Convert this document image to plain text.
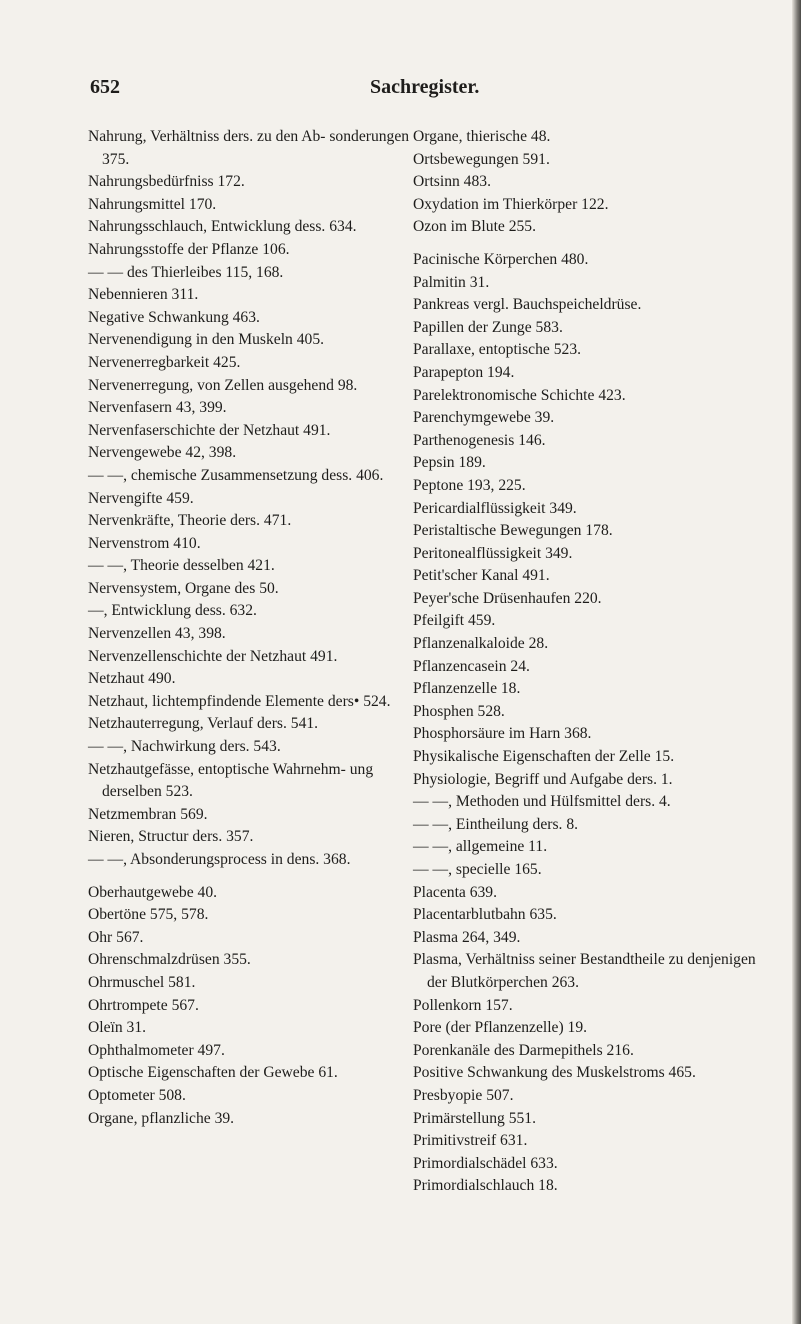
652	Sachregister.

Nahrung, Verhältniss ders. zu den Ab- sonderungen 375.

Nahrungsbedürfniss 172.

Nahrungsmittel 170.

Nahrungsschlauch, Entwicklung dess. 634.

Nahrungsstoffe der Pflanze 106.

— — des Thierleibes 115, 168.

Nebennieren 311.

Negative Schwankung 463.

Nervenendigung in den Muskeln 405.

Nervenerregbarkeit 425.

Nervenerregung, von Zellen ausgehend 98.

Nervenfasern 43, 399.

Nervenfaserschichte der Netzhaut 491.

Nervengewebe 42, 398.

— —, chemische Zusammensetzung dess. 406.

Nervengifte 459.

Nervenkräfte, Theorie ders. 471.

Nervenstrom 410.

— —, Theorie desselben 421.

Nervensystem, Organe des 50.

—, Entwicklung dess. 632.

Nervenzellen 43, 398.

Nervenzellenschichte der Netzhaut 491.

Netzhaut 490.

Netzhaut, lichtempfindende Elemente ders• 524.

Netzhauterregung, Verlauf ders. 541.

— —, Nachwirkung ders. 543.

Netzhautgefässe, entoptische Wahrnehm- ung derselben 523.

Netzmembran 569.

Nieren, Structur ders. 357.

— —, Absonderungsprocess in dens. 368.

Oberhautgewebe 40.

Obertöne 575, 578.

Ohr 567.

Ohrenschmalzdrüsen 355.

Ohrmuschel 581.

Ohrtrompete 567.

Oleïn 31.

Ophthalmometer 497.

Optische Eigenschaften der Gewebe 61.

Optometer 508.

Organe, pflanzliche 39.

Organe, thierische 48.

Ortsbewegungen 591.

Ortsinn 483.

Oxydation im Thierkörper 122.

Ozon im Blute 255.

Pacinische Körperchen 480.

Palmitin 31.

Pankreas vergl. Bauchspeicheldrüse.

Papillen der Zunge 583.

Parallaxe, entoptische 523.

Parapepton 194.

Parelektronomische Schichte 423.

Parenchymgewebe 39.

Parthenogenesis 146.

Pepsin 189.

Peptone 193, 225.

Pericardialflüssigkeit 349.

Peristaltische Bewegungen 178.

Peritonealflüssigkeit 349.

Petit'scher Kanal 491.

Peyer'sche Drüsenhaufen 220.

Pfeilgift 459.

Pflanzenalkaloide 28.

Pflanzencasein 24.

Pflanzenzelle 18.

Phosphen 528.

Phosphorsäure im Harn 368.

Physikalische Eigenschaften der Zelle 15.

Physiologie, Begriff und Aufgabe ders. 1.

— —, Methoden und Hülfsmittel ders. 4.

— —, Eintheilung ders. 8.

— —, allgemeine 11.

— —, specielle 165.

Placenta 639.

Placentarblutbahn 635.

Plasma 264, 349.

Plasma, Verhältniss seiner Bestandtheile zu denjenigen der Blutkörperchen 263.

Pollenkorn 157.

Pore (der Pflanzenzelle) 19.

Porenkanäle des Darmepithels 216.

Positive Schwankung des Muskelstroms 465.

Presbyopie 507.

Primärstellung 551.

Primitivstreif 631.

Primordialschädel 633.

Primordialschlauch 18.
